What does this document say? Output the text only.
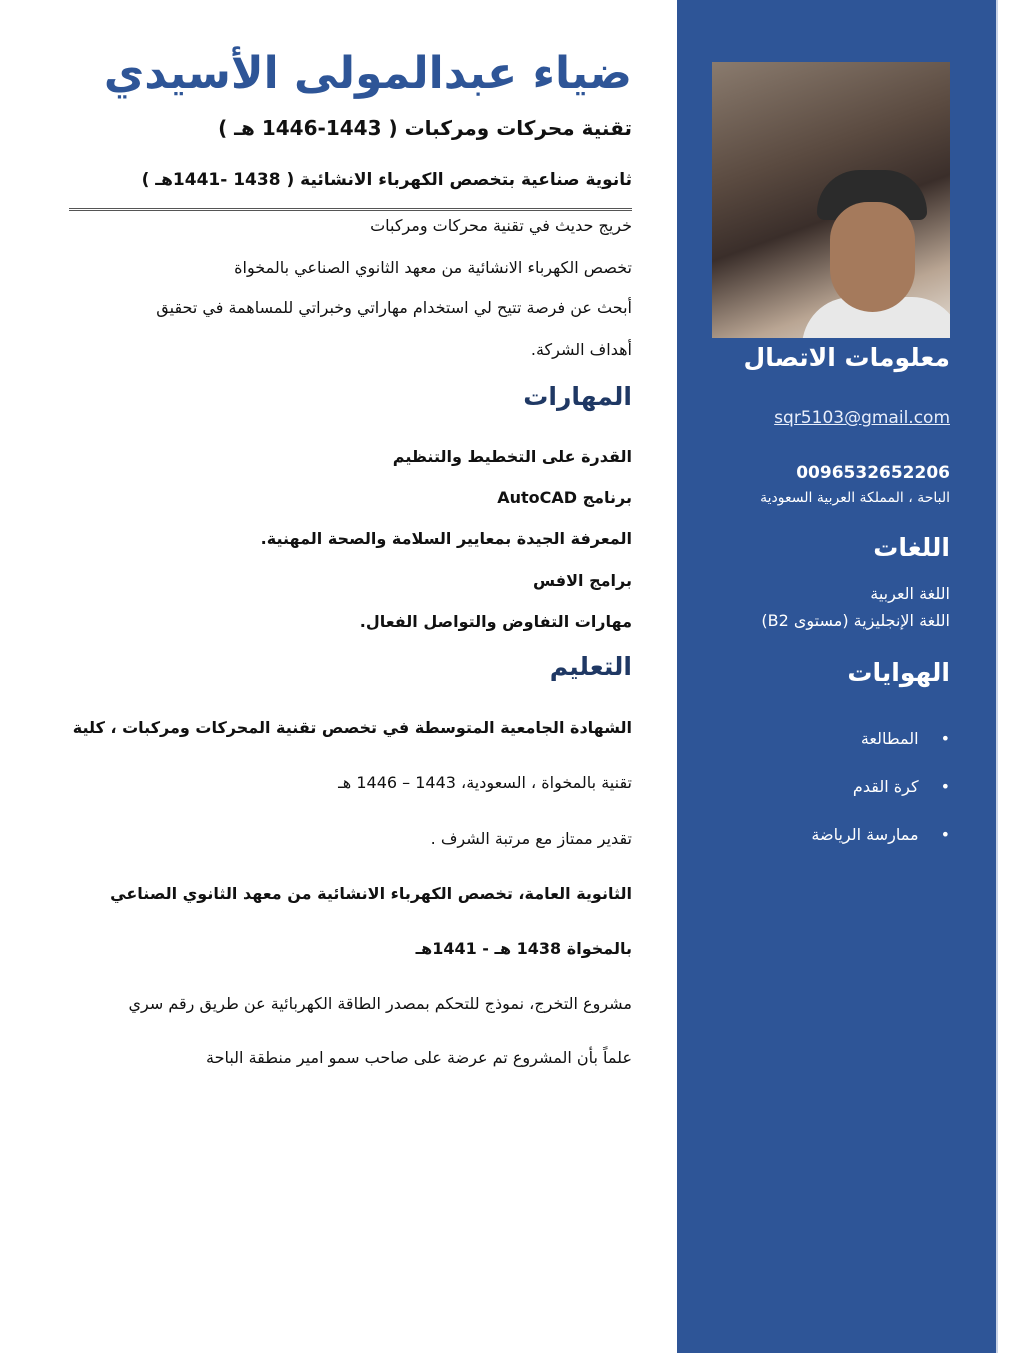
ضياء عبدالمولى الأسيدي
تقنية محركات ومركبات ( 1443-1446 هـ )
ثانوية صناعية بتخصص الكهرباء الانشائية ( 1438 -1441هـ )
خريج حديث في تقنية محركات ومركبات
تخصص الكهرباء الانشائية من معهد الثانوي الصناعي بالمخواة
أبحث عن فرصة تتيح لي استخدام مهاراتي وخبراتي للمساهمة في تحقيق
أهداف الشركة.
المهارات
القدرة على التخطيط والتنظيم
برنامج AutoCAD
المعرفة الجيدة بمعايير السلامة والصحة المهنية.
برامج الافس
مهارات التفاوض والتواصل الفعال.
التعليم
الشهادة الجامعية المتوسطة في تخصص تقنية المحركات ومركبات ، كلية
تقنية بالمخواة ، السعودية، 1443 – 1446 هـ
تقدير ممتاز مع مرتبة الشرف .
الثانوية العامة، تخصص الكهرباء الانشائية من معهد الثانوي الصناعي
بالمخواة 1438 هـ - 1441هـ
مشروع التخرج، نموذج للتحكم بمصدر الطاقة الكهربائية عن طريق رقم سري
علماً بأن المشروع تم عرضة على صاحب سمو امير منطقة الباحة
معلومات الاتصال
sqr5103@gmail.com
0096532652206
الباحة ، المملكة العربية السعودية
اللغات
اللغة العربية
اللغة الإنجليزية (مستوى B2)
الهوايات
• المطالعة
• كرة القدم
• ممارسة الرياضة
